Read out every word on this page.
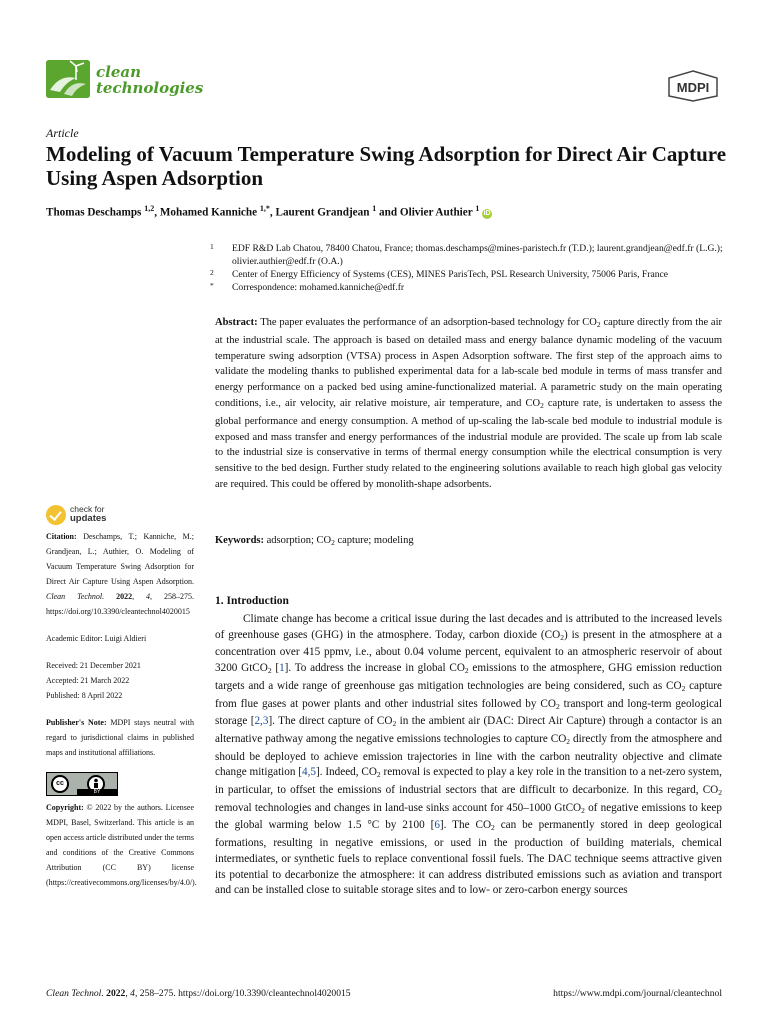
clean
technologies	MDPI
Article
Modeling of Vacuum Temperature Swing Adsorption for Direct Air Capture Using Aspen Adsorption
Thomas Deschamps $^{1,2}$, Mohamed Kanniche $^{1,*}$, Laurent Grandjean $^1$ and Olivier Authier $^1$ iD
1 EDF R&D Lab Chatou, 78400 Chatou, France; thomas.deschamps@mines-paristech.fr (T.D.); laurent.grandjean@edf.fr (L.G.); olivier.authier@edf.fr (O.A.)
2 Center of Energy Efficiency of Systems (CES), MINES ParisTech, PSL Research University, 75006 Paris, France
* Correspondence: mohamed.kanniche@edf.fr
Abstract: The paper evaluates the performance of an adsorption-based technology for $CO_2$ capture directly from the air at the industrial scale. The approach is based on detailed mass and energy balance dynamic modeling of the vacuum temperature swing adsorption (VTSA) process in Aspen Adsorption software. The first step of the approach aims to validate the modeling thanks to published experimental data for a lab-scale bed module in terms of mass transfer and energy performance on a packed bed using amine-functionalized material. A parametric study on the main operating conditions, i.e., air velocity, air relative moisture, air temperature, and $CO_2$ capture rate, is undertaken to assess the global performance and energy consumption. A method of up-scaling the lab-scale bed module to industrial module is exposed and mass transfer and energy performances of the industrial module are provided. The scale up from lab scale to the industrial size is conservative in terms of thermal energy consumption while the electrical consumption is very sensitive to the bed design. Further study related to the engineering solutions available to reach high global gas velocity are required. This could be offered by monolith-shape adsorbents.
Keywords: adsorption; $CO_2$ capture; modeling
check for
updates
Citation: Deschamps, T.; Kanniche, M.; Grandjean, L.; Authier, O. Modeling of Vacuum Temperature Swing Adsorption for Direct Air Capture Using Aspen Adsorption. Clean Technol. 2022, 4, 258–275. https://doi.org/10.3390/cleantechnol4020015
Academic Editor: Luigi Aldieri
Received: 21 December 2021
Accepted: 21 March 2022
Published: 8 April 2022
Publisher's Note: MDPI stays neutral with regard to jurisdictional claims in published maps and institutional affiliations.
cc
BY
Copyright: © 2022 by the authors. Licensee MDPI, Basel, Switzerland. This article is an open access article distributed under the terms and conditions of the Creative Commons Attribution (CC BY) license (https://creativecommons.org/licenses/by/4.0/).
1. Introduction
Climate change has become a critical issue during the last decades and is attributed to the increased levels of greenhouse gases (GHG) in the atmosphere. Today, carbon dioxide $(CO_2)$ is present in the atmosphere at a concentration over 415 ppmv, i.e., about 0.04 volume percent, equivalent to an atmospheric reservoir of about 3200 GtCO$_2$ [1]. To address the increase in global $CO_2$ emissions to the atmosphere, GHG emission reduction targets and a wide range of greenhouse gas mitigation technologies are being considered, such as $CO_2$ capture from flue gases at power plants and other industrial sites followed by $CO_2$ transport and long-term geological storage [2,3]. The direct capture of $CO_2$ in the ambient air (DAC: Direct Air Capture) through a contactor is an alternative pathway among the negative emissions technologies to capture $CO_2$ directly from the atmosphere and should be deployed to achieve emission trajectories in line with the carbon neutrality objective and climate change mitigation [4,5]. Indeed, $CO_2$ removal is expected to play a key role in the transition to a net-zero system, in particular, to offset the emissions of industrial sectors that are difficult to decarbonize. In this regard, $CO_2$ removal technologies and changes in land-use sinks account for 450–1000 GtCO$_2$ of negative emissions to keep the global warming below 1.5 °C by 2100 [6]. The $CO_2$ can be permanently stored in deep geological formations, resulting in negative emissions, or used in the production of building materials, chemical intermediates, or synthetic fuels to replace conventional fossil fuels. The DAC technique seems attractive given its potential to decarbonize the atmosphere: it can address distributed emissions such as aviation and transport and can be installed close to suitable storage sites and to low- or zero-carbon energy sources
Clean Technol. 2022, 4, 258–275. https://doi.org/10.3390/cleantechnol4020015	https://www.mdpi.com/journal/cleantechnol
